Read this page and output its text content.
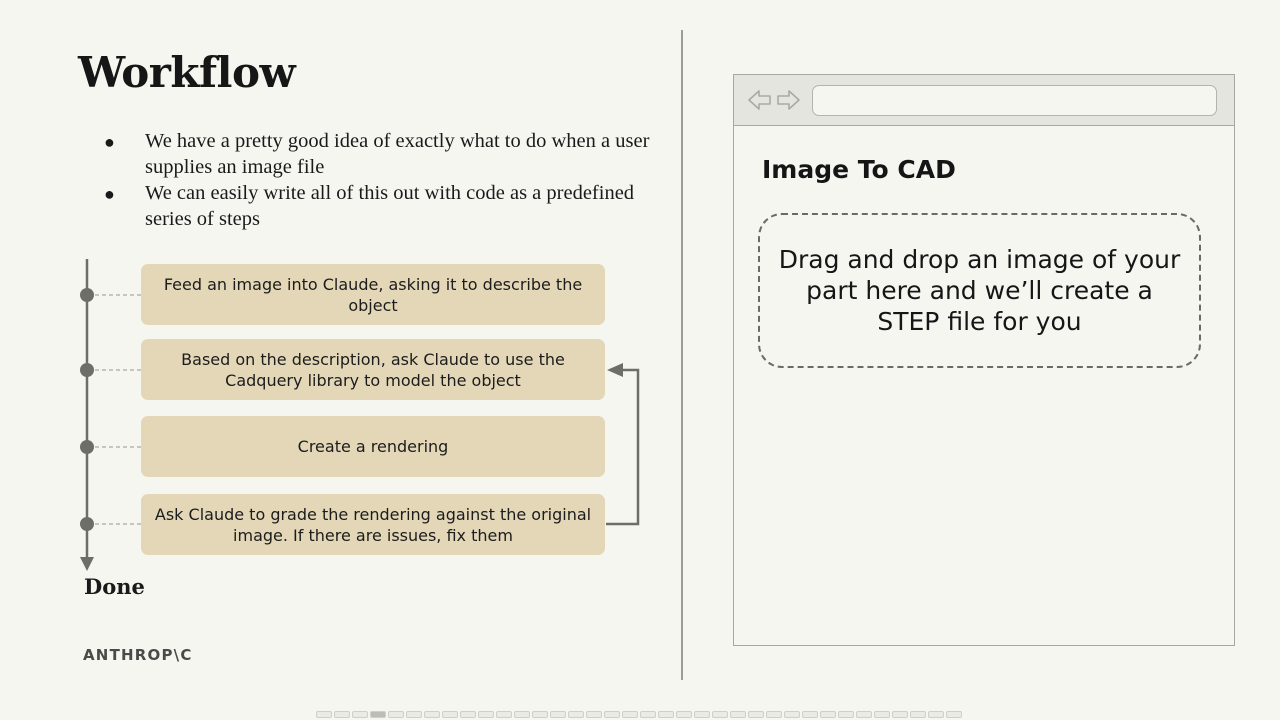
Workflow
● We have a pretty good idea of exactly what to do when a user supplies an image file
● We can easily write all of this out with code as a predefined series of steps
Feed an image into Claude, asking it to describe the object
Based on the description, ask Claude to use the Cadquery library to model the object
Create a rendering
Ask Claude to grade the rendering against the original image. If there are issues, fix them
Done
ANTHROP\C
Image To CAD
Drag and drop an image of your part here and we’ll create a STEP file for you
